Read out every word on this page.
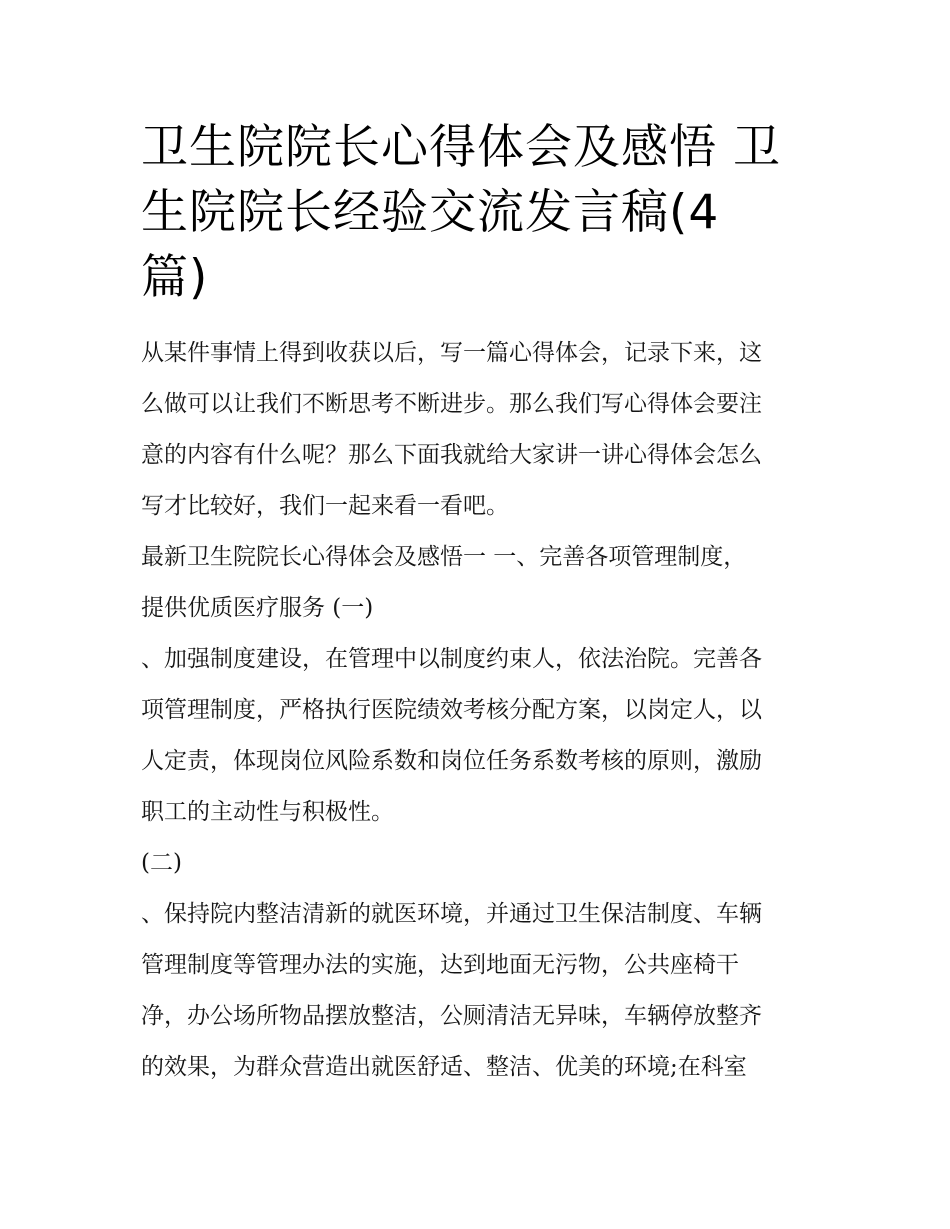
卫生院院长心得体会及感悟 卫
生院院长经验交流发言稿(4
篇)

从某件事情上得到收获以后，写一篇心得体会，记录下来，这
么做可以让我们不断思考不断进步。那么我们写心得体会要注
意的内容有什么呢？那么下面我就给大家讲一讲心得体会怎么
写才比较好，我们一起来看一看吧。

最新卫生院院长心得体会及感悟一 一、完善各项管理制度，
提供优质医疗服务 (一)

、加强制度建设，在管理中以制度约束人，依法治院。完善各
项管理制度，严格执行医院绩效考核分配方案，以岗定人，以
人定责，体现岗位风险系数和岗位任务系数考核的原则，激励
职工的主动性与积极性。

(二)

、保持院内整洁清新的就医环境，并通过卫生保洁制度、车辆
管理制度等管理办法的实施，达到地面无污物，公共座椅干
净，办公场所物品摆放整洁，公厕清洁无异味，车辆停放整齐
的效果，为群众营造出就医舒适、整洁、优美的环境;在科室
